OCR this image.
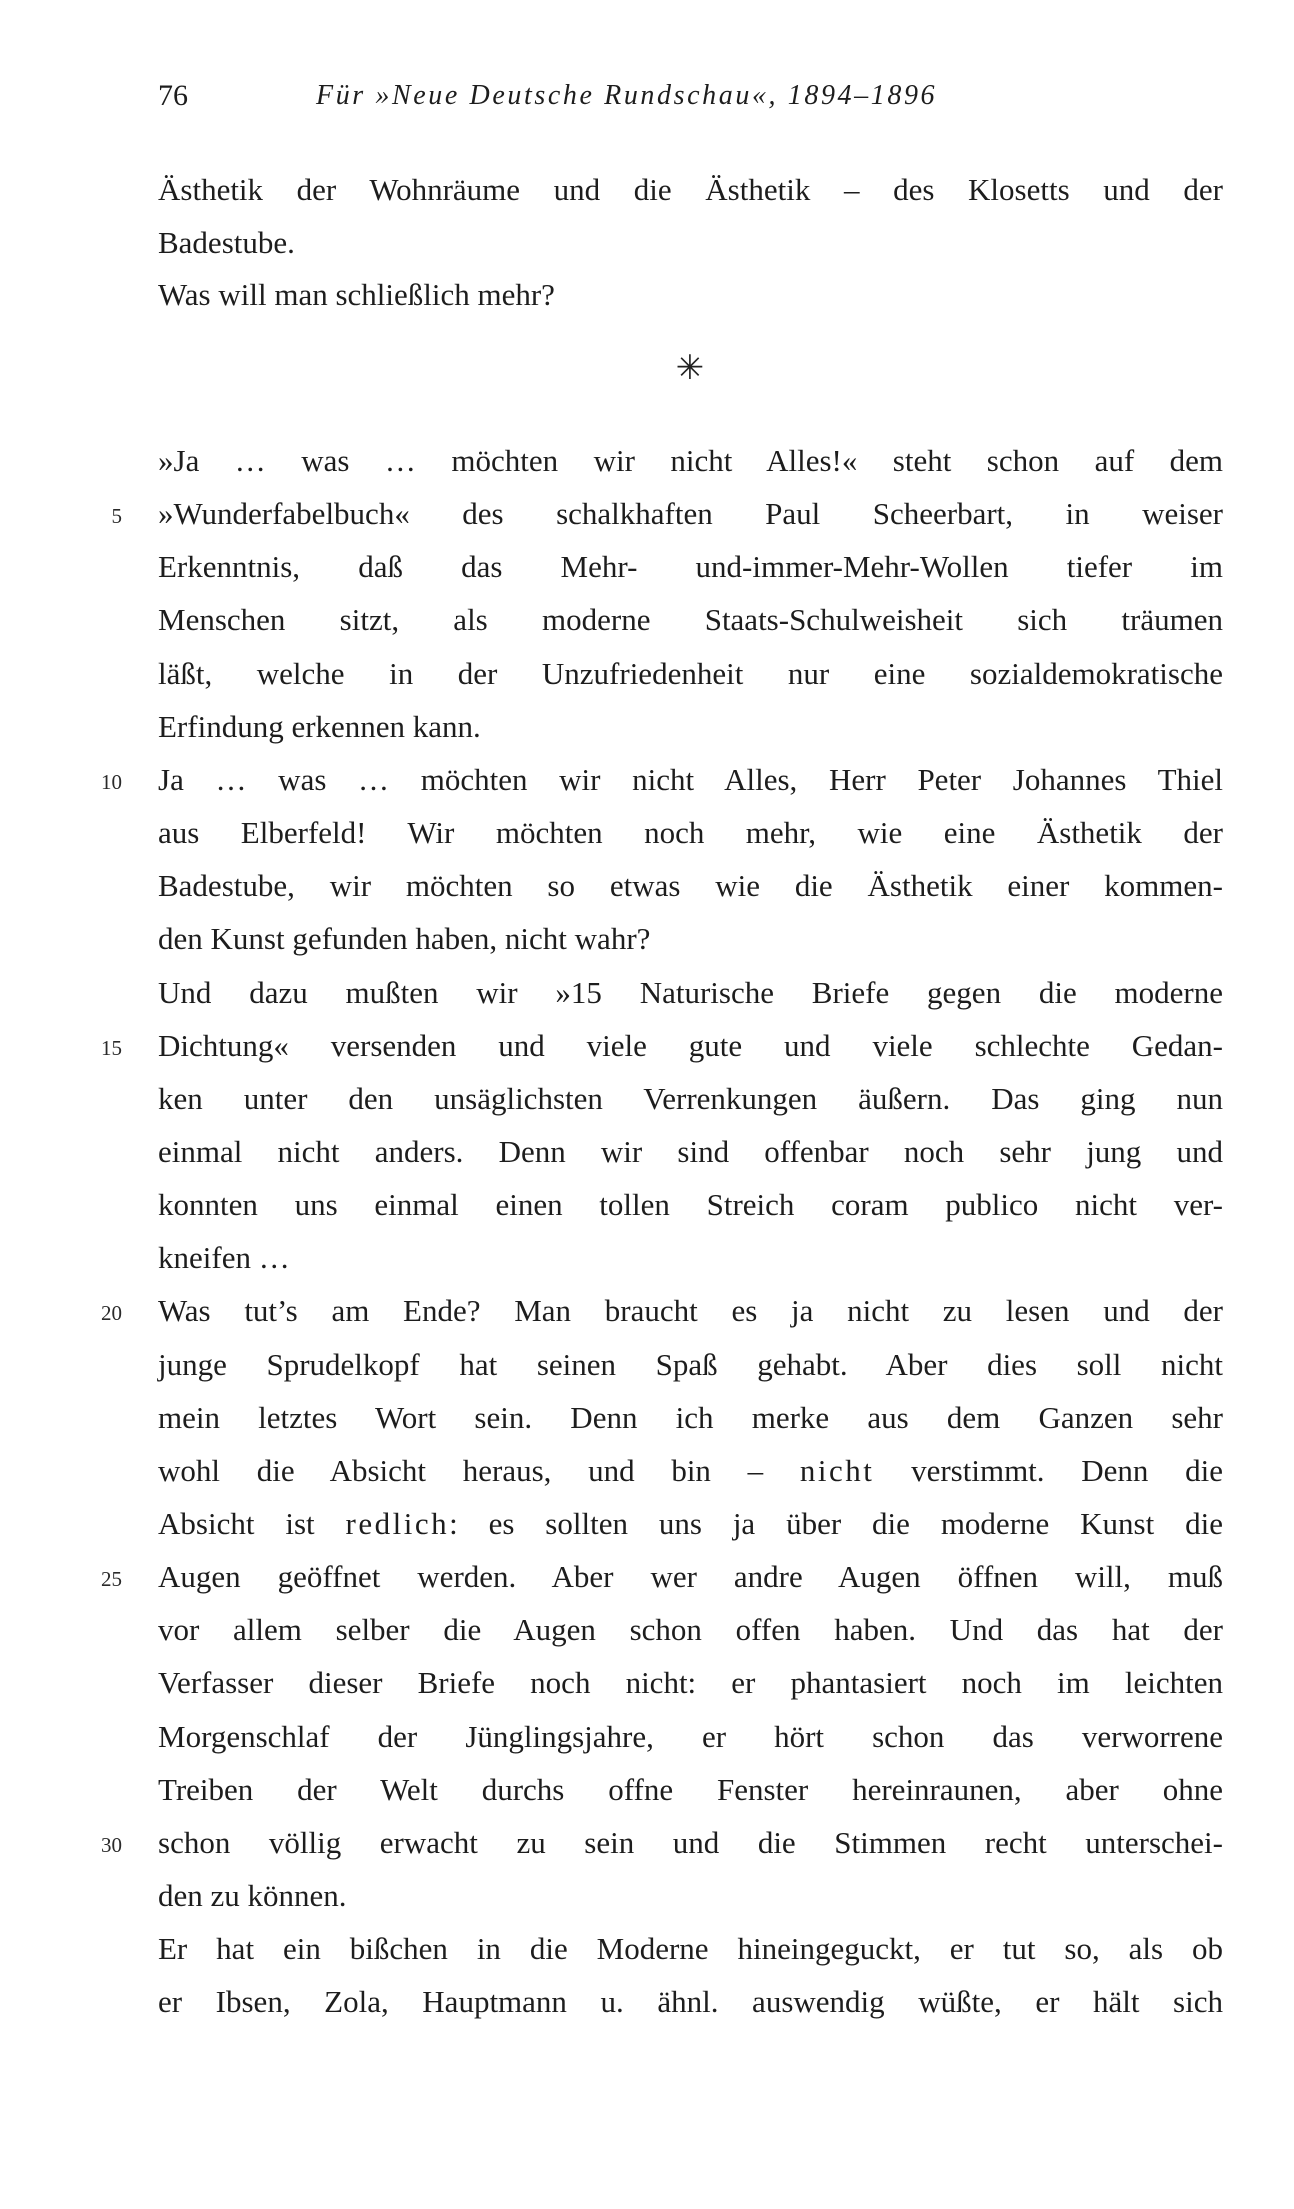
76	Für »Neue Deutsche Rundschau«, 1894–1896
Ästhetik der Wohnräume und die Ästhetik – des Klosetts und der
Badestube.
Was will man schließlich mehr?
✳
»Ja … was … möchten wir nicht Alles!« steht schon auf dem
»Wunderfabelbuch« des schalkhaften Paul Scheerbart, in weiser
5
Erkenntnis, daß das Mehr- und-immer-Mehr-Wollen tiefer im
Menschen sitzt, als moderne Staats-Schulweisheit sich träumen
läßt, welche in der Unzufriedenheit nur eine sozialdemokratische
Erfindung erkennen kann.
Ja … was … möchten wir nicht Alles, Herr Peter Johannes Thiel
10
aus Elberfeld! Wir möchten noch mehr, wie eine Ästhetik der
Badestube, wir möchten so etwas wie die Ästhetik einer kommen-
den Kunst gefunden haben, nicht wahr?
Und dazu mußten wir »15 Naturische Briefe gegen die moderne
Dichtung« versenden und viele gute und viele schlechte Gedan-
15
ken unter den unsäglichsten Verrenkungen äußern. Das ging nun
einmal nicht anders. Denn wir sind offenbar noch sehr jung und
konnten uns einmal einen tollen Streich coram publico nicht ver-
kneifen …
Was tut’s am Ende? Man braucht es ja nicht zu lesen und der
20
junge Sprudelkopf hat seinen Spaß gehabt. Aber dies soll nicht
mein letztes Wort sein. Denn ich merke aus dem Ganzen sehr
wohl die Absicht heraus, und bin – nicht verstimmt. Denn die
Absicht ist redlich: es sollten uns ja über die moderne Kunst die
Augen geöffnet werden. Aber wer andre Augen öffnen will, muß
25
vor allem selber die Augen schon offen haben. Und das hat der
Verfasser dieser Briefe noch nicht: er phantasiert noch im leichten
Morgenschlaf der Jünglingsjahre, er hört schon das verworrene
Treiben der Welt durchs offne Fenster hereinraunen, aber ohne
schon völlig erwacht zu sein und die Stimmen recht unterschei-
30
den zu können.
Er hat ein bißchen in die Moderne hineingeguckt, er tut so, als ob
er Ibsen, Zola, Hauptmann u. ähnl. auswendig wüßte, er hält sich
